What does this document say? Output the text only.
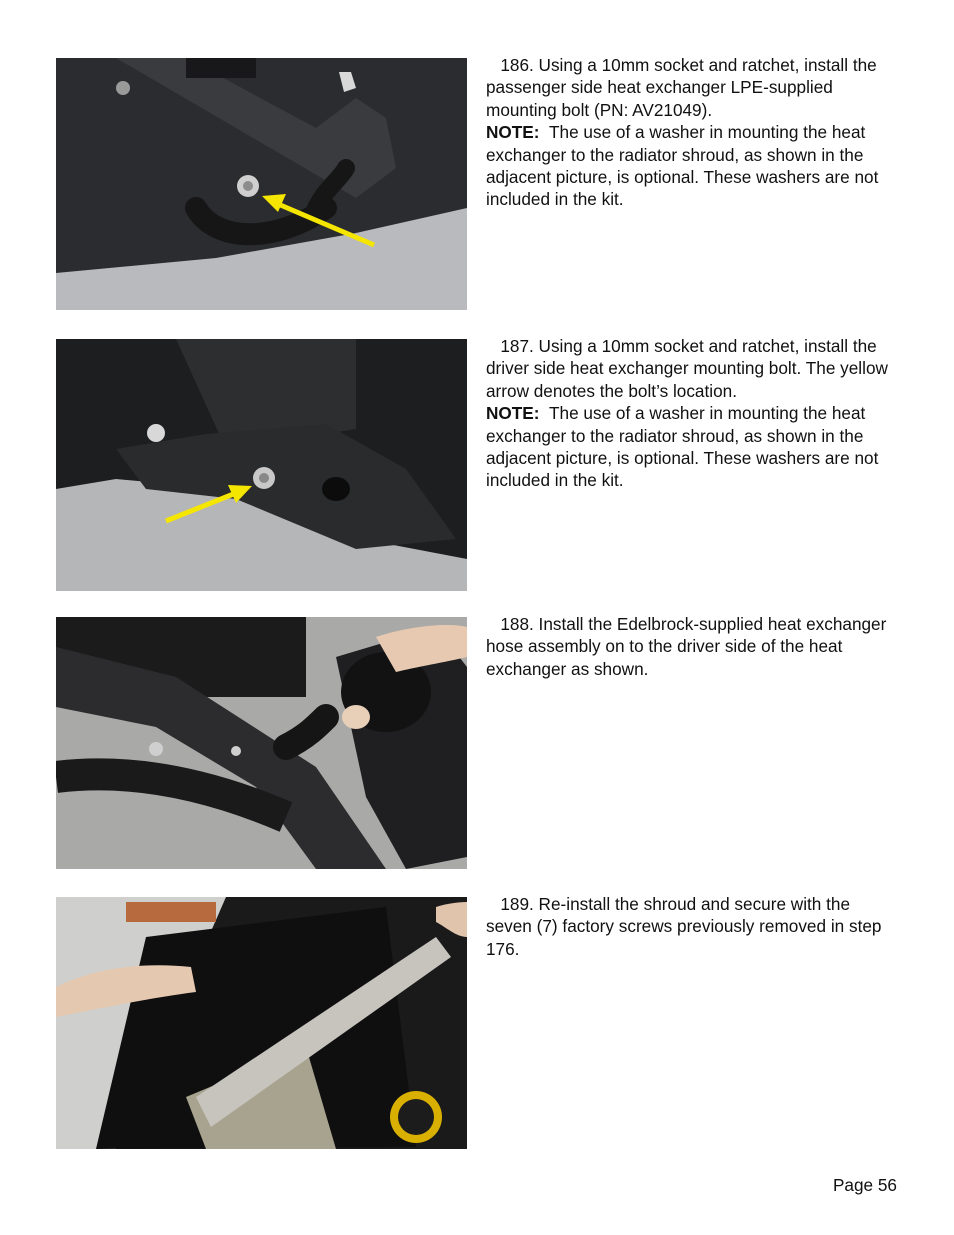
186. Using a 10mm socket and ratchet, install the passenger side heat exchanger LPE-supplied mounting bolt (PN: AV21049).

NOTE: The use of a washer in mounting the heat exchanger to the radiator shroud, as shown in the adjacent picture, is optional. These washers are not included in the kit.

187. Using a 10mm socket and ratchet, install the driver side heat exchanger mounting bolt. The yellow arrow denotes the bolt’s location.

NOTE: The use of a washer in mounting the heat exchanger to the radiator shroud, as shown in the adjacent picture, is optional. These washers are not included in the kit.

188. Install the Edelbrock-supplied heat exchanger hose assembly on to the driver side of the heat exchanger as shown.

189. Re-install the shroud and secure with the seven (7) factory screws previously removed in step 176.

Page 56
